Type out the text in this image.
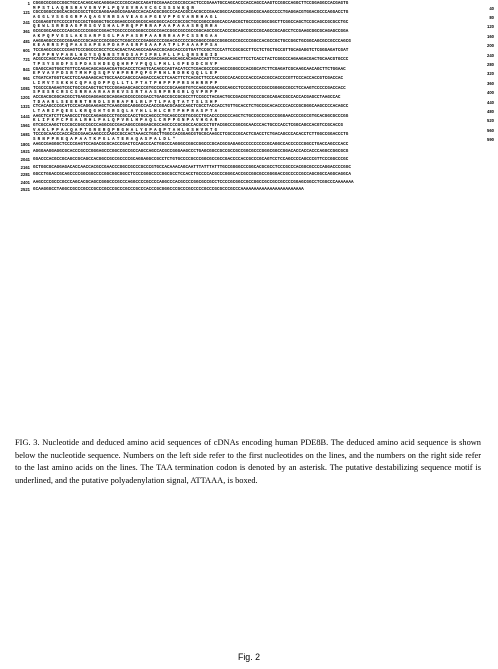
1 CGGGCGCGGCCGGCTGCCACAGCAGCAGGGACCCCGCCAGCCAGATGCGAAACCGCCGCCACTCCCGAAATGCCAGCACCCACCAGCCAAGTCCGGCCAGGCTTCCGGAGGCCACGAGTG
MPSTLAQRSRAVGRVPLPQVEVRAVCGCSSSWKQR	40
121 CGCCGGGCCGGCACGCGCGCCTGCCGAGGAAGGCGAGAGCCACACACGCGGCCCACACGCCACGCCCGAACGGCCACGGCCAGGCGCAAGCCCCCTGAGGACGTGGACGCCCAGGACCTG
AGGLVSGGGRPAQAGVRRSAVEAGAPGEVPPGVARRHAGL	80
241 CCGGAGGTGTCCCCGTGCCGCTGGGGCTGCCGGAGCCGCGGCGCAGCGGCCACCCGCCGCTGCCGGCCGGGCACCAGCGCTGCCCGCGGCGGCTTCGGCCAGCTCCGCAGCCGCGCCTGC
QEWLSRRDAGPRSGVSHALPRQPPRRAPAAPAAASRQRRA	120
361 GCGCGGCAGCCCCAGCGCCCCGGGCCGGACTCGCCCCGCGGGCCCGCCGACCGGCCGCCGCCGGCAGCCGCCACCCGCAGCCGCCCGCAGCCGCAGCCTCCGAAGCGGCGCAGAGCCGGA
AKPQPVGSLAKSARPSGLPAPASRPAARRRAAPCSSRGAA	160
481 AAGGAGGCCCGCCGGAGCCCGCAGCCCGCGGCCTCGGCCCCCGAGGCCCCGGACGCCCCCGCGGGCCGGCCGGGCGCCGCCCCGGCCACGCCGCTGCCGGCTGCGGCAGCGCCGCCCAGCG
KEARRSPQPAASAPEAPDAPAGRPGAAPATPLPAAAPPSA	200
601 TCCGAGCCGCCCCGAGTCCCGGCCCGCCTCCACGACTACAGCCAGAACCGCAGCACCCGTGATTCCGCTCCCATTCCGCGCCTTCCTCTGCTGCCGTTGCAGAGGTCTCGGGAGATCGAT
PEPPRVPARLHDYSQNRSTRDSAPIPRLPLLPLQRSREID	240
721 ACGCCCAGCTACAGCAACGACTTCAGCAGCCCGGACGCGTCCCACGACGAGCAGCAGCACAGACCAGTTCCACAACAGCTTCCTCACCTACTCGGCCCAGAAGACGACTGCAACGTGCCC
TPSYSNDFSSPDASHDEQQHRPVPQQLPHLLGPEDDCNVP	280
841 CGAGCCAGTGGCTGTTCCAGACAGCAGAACGATGCACCCTCAGTCACAGCCAGTACATCCTCGACGCCCGCAGCCGGGCCCACGGCATCTTCGAGATCGCAAGCAACAGCTTCTGGAAC
EPVAVPDSRTMHPQSQPVHPRRPQPGPRHLRDRKQQLLEP	320
961 CTGATCATGGTCACCTCCAAGAAGCACTGCCAACCAGCCCAAGACCCACCTCAACTTCTCACGCTTCCCACCGCCACACCCCACCCACCGCCACCCCGTTCCCACCACCGTCGACCAC
LIMVTSKKHCQPAQDPPQLLTLPTATPHPPPPRSHHRRPP	360
1081 TCGCCCGAGAGTCGCTGCCGCAGCTGCTCCCGGAGAGCAGCCCGTGCCGCCCGCAAGGTGTCCAGCCGGACCGCAGCCTCCCGCCCCCGCCGGGGCCGCCTCCAAGTCCCCCGACCACC
SPESRCRSCSRRAARAARKVSSRTAASRPRRGRLQVPRPP	400
1201 ACCGACGCGGCACGCCTGAGCGAGGAGCGCAGGACGCGCCGCGACCTGAGCCGCCGCGCCTTCCGCCTACGACTGCCGACGCTGCCCGCGCAGACCGCCACCACGAGCCTAAGCCAC
TDAARLSEERRTRRDLSRRAFRLRLPTLPAQTATTSLSHP	440
1321 CTCACAGCCCGCATCCCACAGGAAGAGCTCAAGCGGCAGGGCCACACCGGACGCAGCCAGCTCGCCTACCACCTGTTGCACCTCTGCCGCACACCCCACCCGCGGGCAAGCCCCACAGCC
LTARIPQEELKRQGHTGRSQLAYHLLHLCRTPHPRASPTA	480
1441 AAGCTCATCTTCAAGCCCTGCCCAGAGGCCCTGCGCCACCTGCCAGCCCTGCAGCCCGTGCGCCTGCACCCCGCCCAGCTCTGCCGCCCGCCCGGGAACCCCGCCGTGCACGGCGCCCGG
KLIFKPCPEALRHLPALQPVRLHPAQLCRPPGNPAVHGAR	520
1561 GTCGCCAAGCTCCCGCCGGCCGCCCAGGCGCCGACAGGCCGGGAGCGCCAGCCCCGCGGCCACGCCCTGTACGGCCCGGCGCAACCCACTGCCCACCTCGGCAGCCACGTCCGCACCG
VAKLPPAAQAPTGRERQPRGHALYGPAQPTAHLGSHVRTG	560
1681 TCCCGCAACCCACCACGCGAACAAGCCCCAGCCGCCACTAAACCTGGCTTGGCCACGGAGCGTGCGCAAGCCTCGCCCGCACTCGACCTCTGACAGCCCACACCTCTTGGCCGGACCCTG
SRNPPREQAPAATKPGLATERAQASPALDL*	590
1801 AAGCCGAGGGCTCCCCGAGTCCAGACGCGCACCCGACTCCAGCCCACTGGCCCAGGGCCGGCCGGCCCGCACGCGAGAGCCCCCCCCCCGCAGGCCACCCCCCGGCCTGACCAGCCCACC
1921 AGGGAAGGAGGCGCACCCGCCCGGGAGCCCGGCCGCCGCCAGCCAGCCACGCCGGGAAGCCCTGAGCGGCCGCCGCCGCCGGCGCCCGGGCGGCCGGACACCACCACCCAGGCCGGCGCG
2041 GGACCCACGCCGCAGCCGCAGCCACGGCCGCCGCCCCGCAGGAGGCCGCCTCTGTGCCCCGCCCGGCGCCGCCGACCCCACCGCCCGCAGTCCTCCAGCCCCAGCCCGTTCCCGGCCCGC
2161 GCTGGCGCAGGAGACACCAACCACGCCGAACCCGGCCGCCCGCCCGTGCCACAAACAGCAATTTATTTATTTGCCGGGGCCCGGCACGCGCCTCCCGCCCACGGCGCCCCAGGACCCCGGC
2281 GGCCTGGACCGCAGCCCCGGCGGCCCCGGCGGCGGCCTCCCCGGGCCCCGGCGCCTCCACCTGCCCCACGCCCGGGCACCGCCGGCGCCGGGGACCGCCCCCGCCAGCGGCCAGGCAGGCA
2401 AAGCCCCGCCCGCCCAGCACGCAGCCGGGCCCGCCCAGGCCCCGCCCCAGGCCCACGCCCCGGCGCCGCCTCCCCGCGGCCGCCGGCCGCCGCCGCCCCGGAGCGGCCTCGGCCCAAAAAAA
2521 GCAAGGGCCTAGGCCGCCCGCCCGCCCGCCCGCCCGCCCGCCCACCCGCGGGCCCGCCCGCCCCCGCCCGCGCCCGCCCAAAAAAAAAAAAAAAAAAAAAAAA
FIG. 3. Nucleotide and deduced amino acid sequences of cDNAs encoding human PDE8B. The deduced amino acid sequence is shown below the nucleotide sequence. Numbers on the left side refer to the first nucleotides on the lines, and the numbers on the right side refer to the last amino acids on the lines. The TAA termination codon is denoted by an asterisk. The putative destabilizing sequence motif is underlined, and the putative polyadenylation signal, ATTAAA, is boxed.
Fig. 2
